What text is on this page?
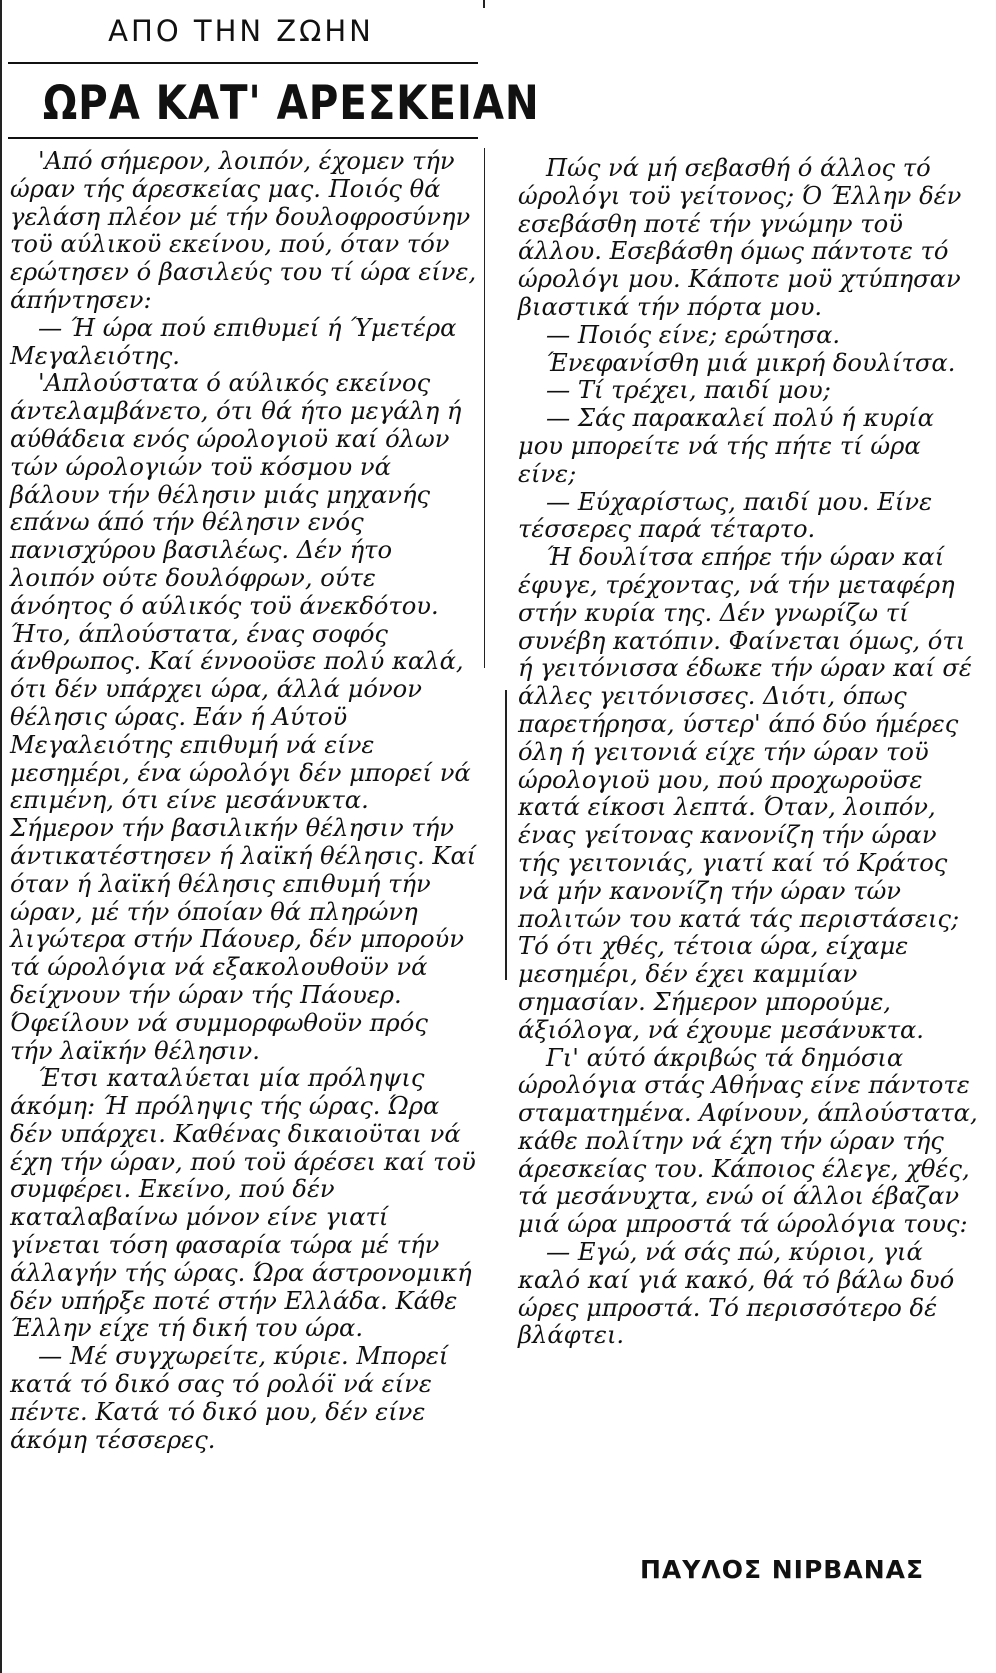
ΑΠΟ ΤΗΝ ΖΩΗΝ
ΩΡΑ ΚΑΤ' ΑΡΕΣΚΕΙΑΝ

'Από σήμερον, λοιπόν, έχομεν τήν ώραν τής άρεσκείας μας. Ποιός θά γελάση πλέον μέ τήν δουλοφροσύνην τοϋ αύλικοϋ εκείνου, πού, όταν τόν ερώτησεν ό βασιλεύς του τί ώρα είνε, άπήντησεν:

— Ή ώρα πού επιθυμεί ή Ύμετέρα Μεγαλειότης.

'Απλούστατα ό αύλικός εκείνος άντελαμβάνετο, ότι θά ήτο μεγάλη ή αύθάδεια ενός ώρολογιοϋ καί όλων τών ώρολογιών τοϋ κόσμου νά βάλουν τήν θέλησιν μιάς μηχανής επάνω άπό τήν θέλησιν ενός πανισχύρου βασιλέως. Δέν ήτο λοιπόν ούτε δουλόφρων, ούτε άνόητος ό αύλικός τοϋ άνεκδότου. Ήτο, άπλούστατα, ένας σοφός άνθρωπος. Καί έννοοϋσε πολύ καλά, ότι δέν υπάρχει ώρα, άλλά μόνον θέλησις ώρας. Εάν ή Αύτοϋ Μεγαλειότης επιθυμή νά είνε μεσημέρι, ένα ώρολόγι δέν μπορεί νά επιμένη, ότι είνε μεσάνυκτα. Σήμερον τήν βασιλικήν θέλησιν τήν άντικατέστησεν ή λαϊκή θέλησις. Καί όταν ή λαϊκή θέλησις επιθυμή τήν ώραν, μέ τήν όποίαν θά πληρώνη λιγώτερα στήν Πάουερ, δέν μπορούν τά ώρολόγια νά εξακολουθοϋν νά δείχνουν τήν ώραν τής Πάουερ. Όφείλουν νά συμμορφωθοϋν πρός τήν λαϊκήν θέλησιν.

Έτσι καταλύεται μία πρόληψις άκόμη: Ή πρόληψις τής ώρας. Ώρα δέν υπάρχει. Καθένας δικαιοϋται νά έχη τήν ώραν, πού τοϋ άρέσει καί τοϋ συμφέρει. Εκείνο, πού δέν καταλαβαίνω μόνον είνε γιατί γίνεται τόση φασαρία τώρα μέ τήν άλλαγήν τής ώρας. Ώρα άστρονομική δέν υπήρξε ποτέ στήν Ελλάδα. Κάθε Έλλην είχε τή δική του ώρα.

— Μέ συγχωρείτε, κύριε. Μπορεί κατά τό δικό σας τό ρολόϊ νά είνε πέντε. Κατά τό δικό μου, δέν είνε άκόμη τέσσερες.

Πώς νά μή σεβασθή ό άλλος τό ώρολόγι τοϋ γείτονος; Ό Έλλην δέν εσεβάσθη ποτέ τήν γνώμην τοϋ άλλου. Εσεβάσθη όμως πάντοτε τό ώρολόγι μου. Κάποτε μοϋ χτύπησαν βιαστικά τήν πόρτα μου.

— Ποιός είνε; ερώτησα.

Ένεφανίσθη μιά μικρή δουλίτσα.

— Τί τρέχει, παιδί μου;

— Σάς παρακαλεί πολύ ή κυρία μου μπορείτε νά τής πήτε τί ώρα είνε;

— Εύχαρίστως, παιδί μου. Είνε τέσσερες παρά τέταρτο.

Ή δουλίτσα επήρε τήν ώραν καί έφυγε, τρέχοντας, νά τήν μεταφέρη στήν κυρία της. Δέν γνωρίζω τί συνέβη κατόπιν. Φαίνεται όμως, ότι ή γειτόνισσα έδωκε τήν ώραν καί σέ άλλες γειτόνισσες. Διότι, όπως παρετήρησα, ύστερ' άπό δύο ήμέρες όλη ή γειτονιά είχε τήν ώραν τοϋ ώρολογιοϋ μου, πού προχωροϋσε κατά είκοσι λεπτά. Όταν, λοιπόν, ένας γείτονας κανονίζη τήν ώραν τής γειτονιάς, γιατί καί τό Κράτος νά μήν κανονίζη τήν ώραν τών πολιτών του κατά τάς περιστάσεις; Τό ότι χθές, τέτοια ώρα, είχαμε μεσημέρι, δέν έχει καμμίαν σημασίαν. Σήμερον μπορούμε, άξιόλογα, νά έχουμε μεσάνυκτα.

Γι' αύτό άκριβώς τά δημόσια ώρολόγια στάς Αθήνας είνε πάντοτε σταματημένα. Αφίνουν, άπλούστατα, κάθε πολίτην νά έχη τήν ώραν τής άρεσκείας του. Κάποιος έλεγε, χθές, τά μεσάνυχτα, ενώ οί άλλοι έβαζαν μιά ώρα μπροστά τά ώρολόγια τους:

— Εγώ, νά σάς πώ, κύριοι, γιά καλό καί γιά κακό, θά τό βάλω δυό ώρες μπροστά. Τό περισσότερο δέ βλάφτει.

ΠΑΥΛΟΣ ΝΙΡΒΑΝΑΣ
